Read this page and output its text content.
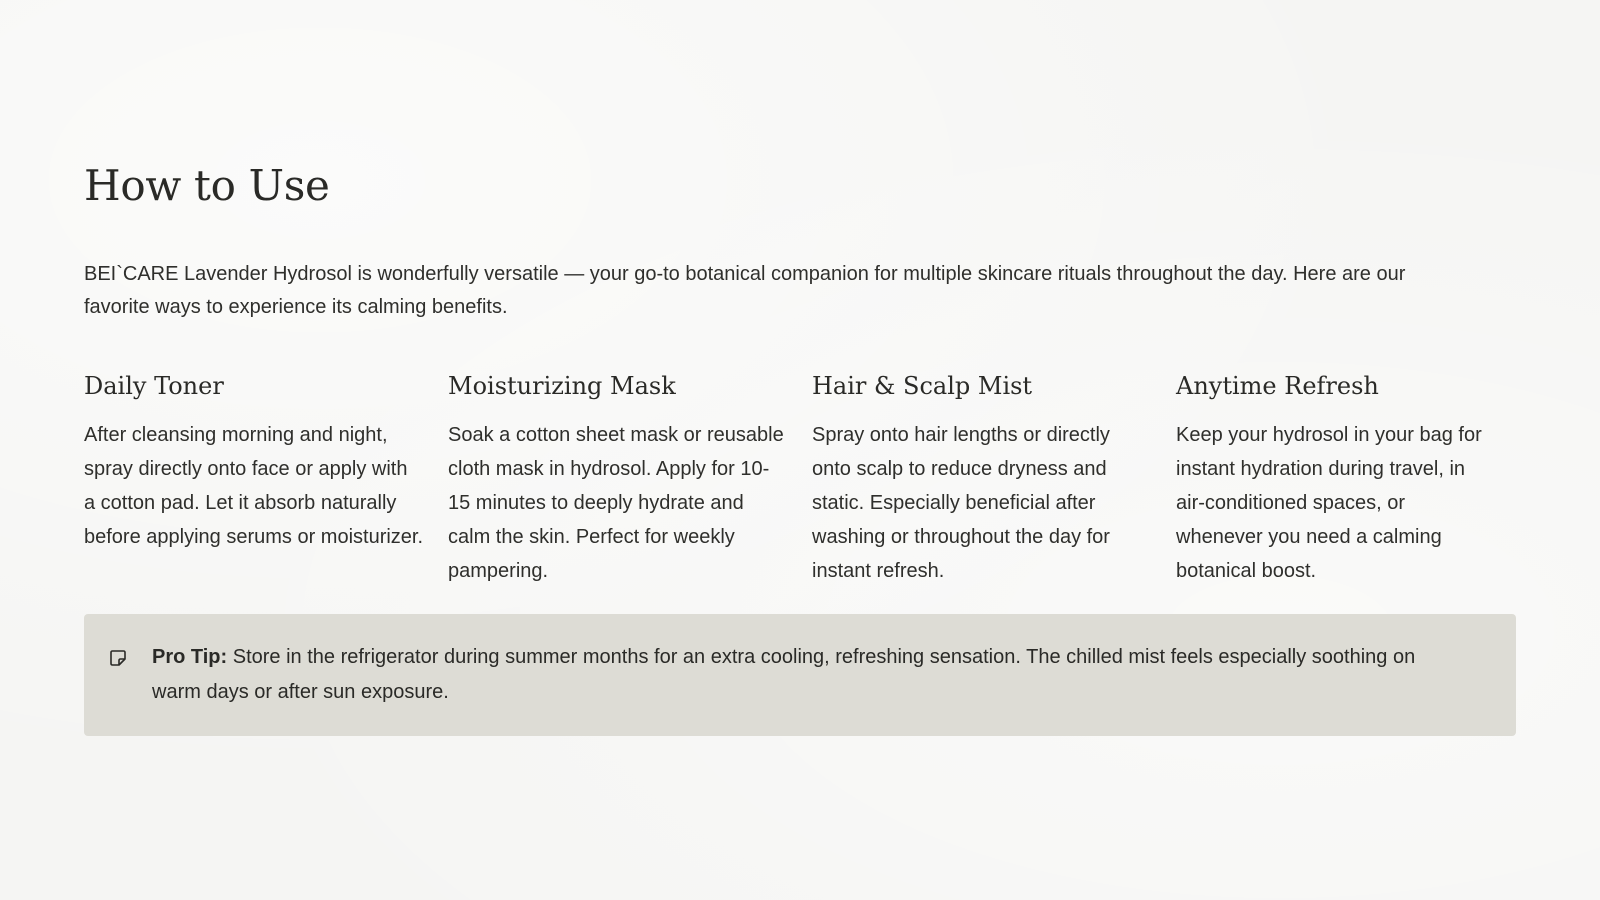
How to Use

BEI`CARE Lavender Hydrosol is wonderfully versatile — your go-to botanical companion for multiple skincare rituals throughout the day. Here are our favorite ways to experience its calming benefits.

Daily Toner

After cleansing morning and night, spray directly onto face or apply with a cotton pad. Let it absorb naturally before applying serums or moisturizer.

Moisturizing Mask

Soak a cotton sheet mask or reusable cloth mask in hydrosol. Apply for 10-15 minutes to deeply hydrate and calm the skin. Perfect for weekly pampering.

Hair & Scalp Mist

Spray onto hair lengths or directly onto scalp to reduce dryness and static. Especially beneficial after washing or throughout the day for instant refresh.

Anytime Refresh

Keep your hydrosol in your bag for instant hydration during travel, in air-conditioned spaces, or whenever you need a calming botanical boost.

Pro Tip: Store in the refrigerator during summer months for an extra cooling, refreshing sensation. The chilled mist feels especially soothing on warm days or after sun exposure.
